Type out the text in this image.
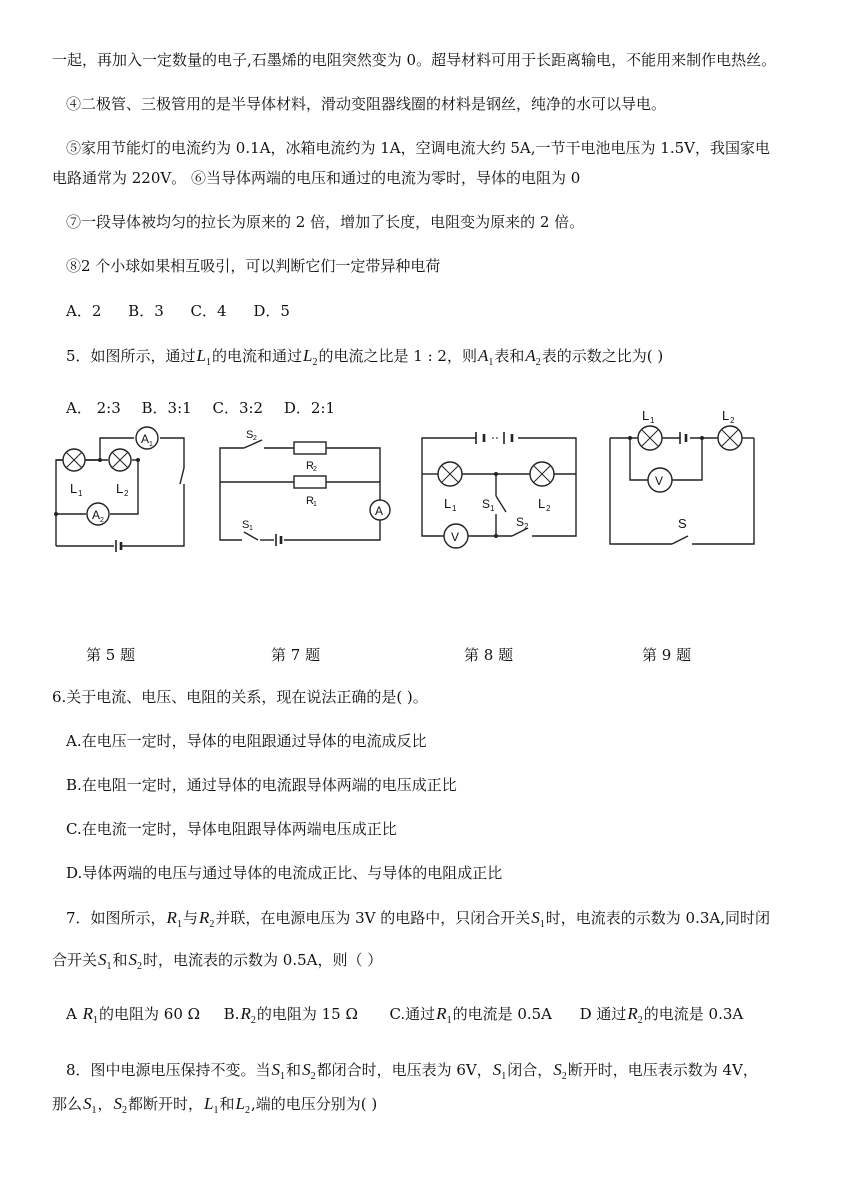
一起，再加入一定数量的电子,石墨烯的电阻突然变为 0。超导材料可用于长距离输电，不能用来制作电热丝。
④二极管、三极管用的是半导体材料，滑动变阻器线圈的材料是钢丝，纯净的水可以导电。
⑤家用节能灯的电流约为 0.1A，冰箱电流约为 1A，空调电流大约 5A,一节干电池电压为 1.5V，我国家电
电路通常为 220V。 ⑥当导体两端的电压和通过的电流为零时，导体的电阻为 0
⑦一段导体被均匀的拉长为原来的 2 倍，增加了长度，电阻变为原来的 2 倍。
⑧2 个小球如果相互吸引，可以判断它们一定带异种电荷
A．2 B．3 C．4 D．5
5．如图所示，通过$L_1$的电流和通过$L_2$的电流之比是 1 : 2，则$A_1$表和$A_2$表的示数之比为( )
A． 2:3 B．3:1 C．3:2 D．2:1
A 1
A 2
L 1	L 2
A
S 2
R 2
R 1
S 1
V
L 1 S 1	L 2
S 2
V
L 1	L 2
S
第 5 题	第 7 题	第 8 题	第 9 题
6.关于电流、电压、电阻的关系，现在说法正确的是( )。
A.在电压一定时，导体的电阻跟通过导体的电流成反比
B.在电阻一定时，通过导体的电流跟导体两端的电压成正比
C.在电流一定时，导体电阻跟导体两端电压成正比
D.导体两端的电压与通过导体的电流成正比、与导体的电阻成正比
7．如图所示，$R_1$与$R_2$并联，在电源电压为 3V 的电路中，只闭合开关$S_1$时，电流表的示数为 0.3A,同时闭
合开关$S_1$和$S_2$时，电流表的示数为 0.5A，则（ ）
A $R_1$的电阻为 60 Ω $B.R_2$的电阻为 15 Ω C.通过$R_1$的电流是 0.5A D 通过$R_2$的电流是 0.3A
8．图中电源电压保持不变。当$S_1$和$S_2$都闭合时，电压表为 6V，$S_1$闭合，$S_2$断开时，电压表示数为 4V，
那么$S_1$，$S_2$都断开时，$L_1$和$L_2$,端的电压分别为( )
